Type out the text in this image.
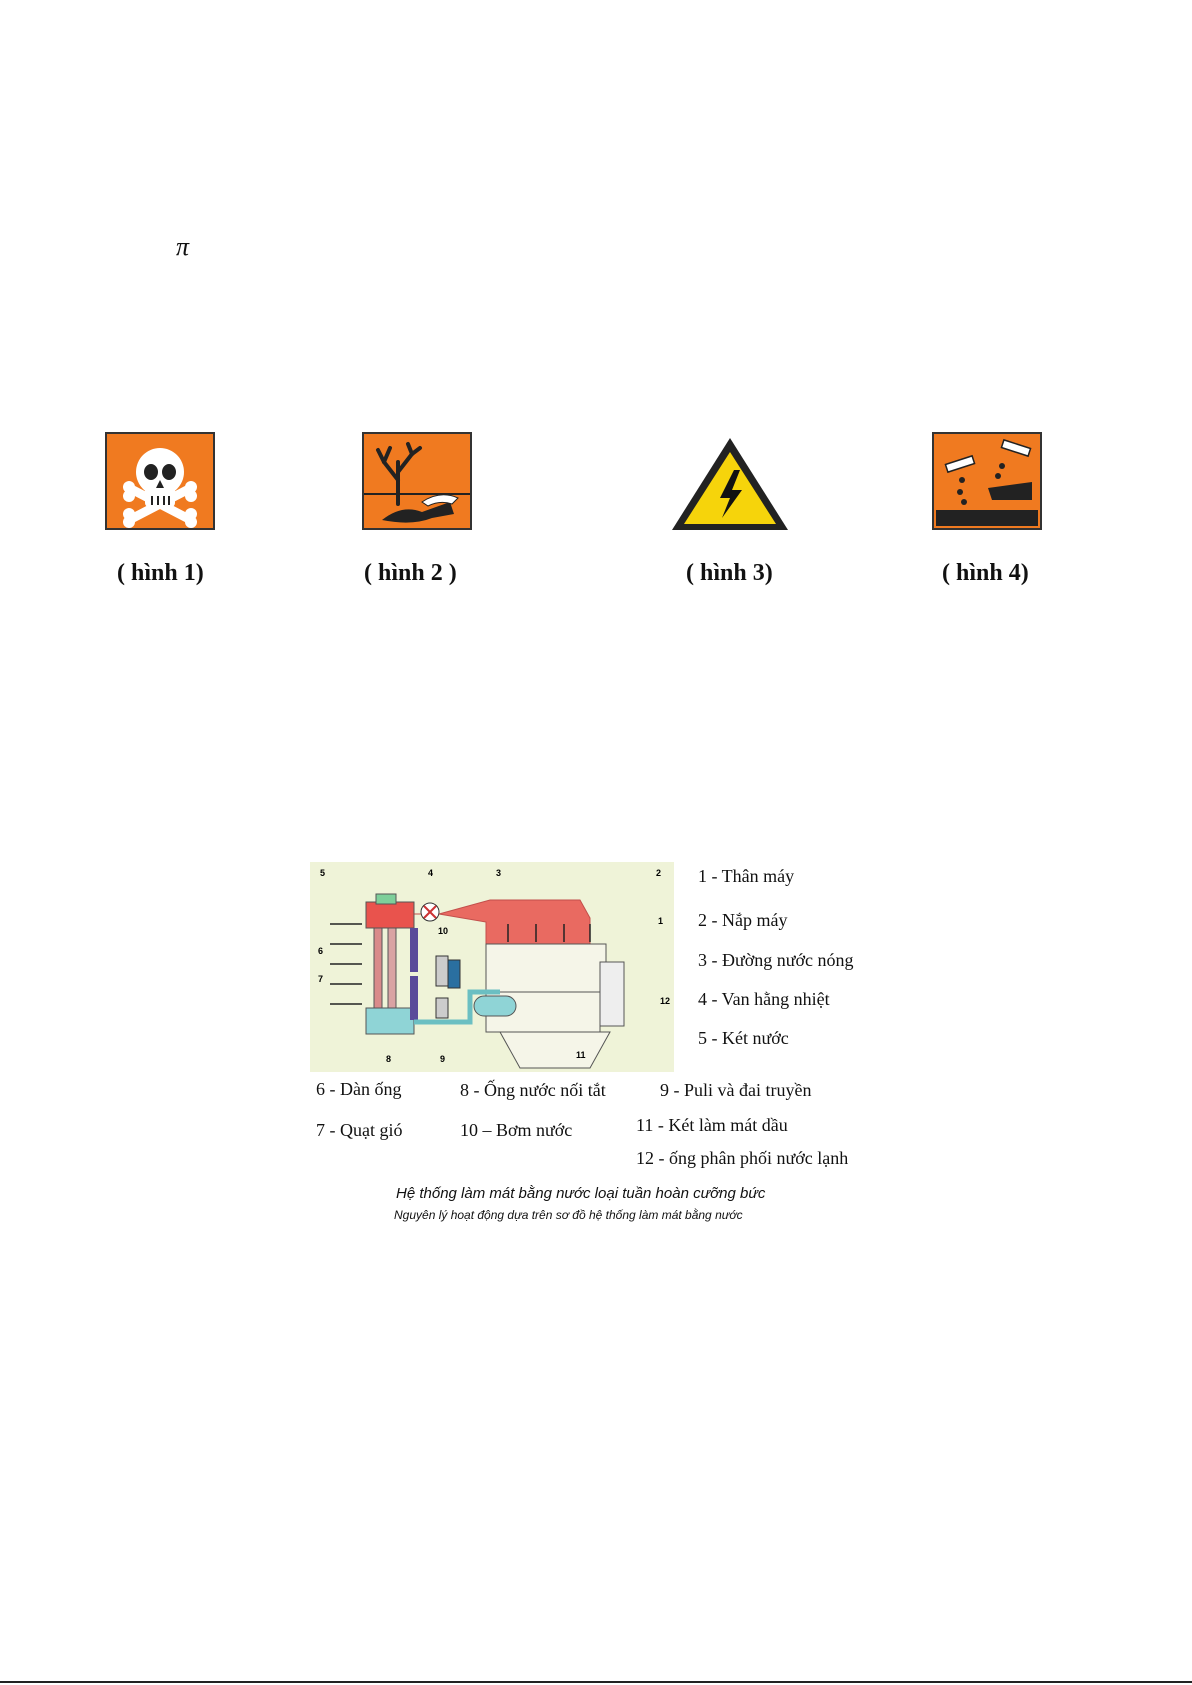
π
( hình 1)	( hình 2 )	( hình 3)	( hình 4)
5	4	3	2
1
6
7
10
12
8	9	11
1 - Thân máy
2 - Nắp máy
3 - Đường nước nóng
4 - Van hằng nhiệt
5 - Két nước
6 - Dàn ống
7 - Quạt gió
8 - Ống nước nối tắt	9 - Puli và đai truyền
10 – Bơm nước	11 - Két làm mát dầu
12 - ống phân phối nước lạnh
Hệ thống làm mát bằng nước loại tuần hoàn cưỡng bức
Nguyên lý hoạt động dựa trên sơ đồ hệ thống làm mát bằng nước
